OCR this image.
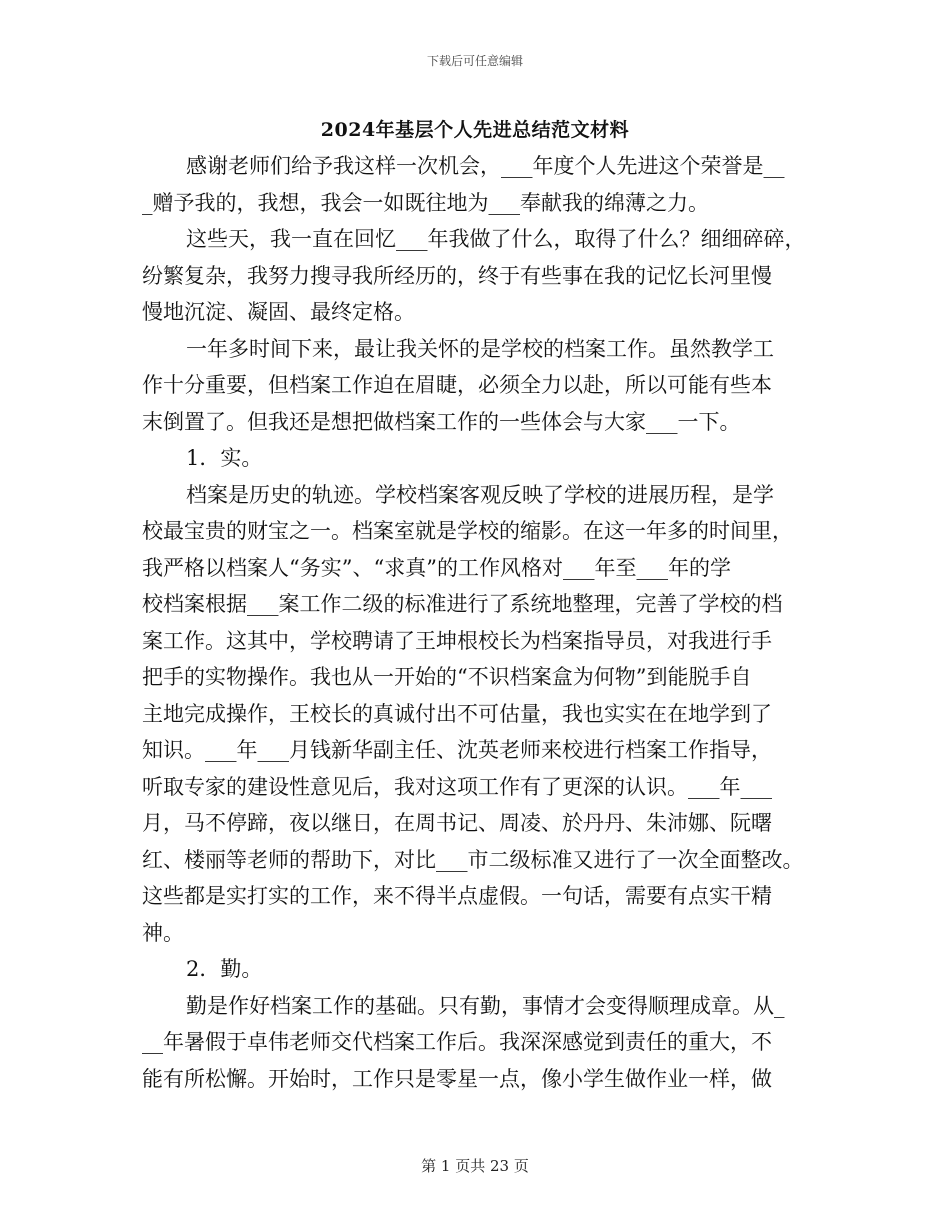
下载后可任意编辑
2024年基层个人先进总结范文材料
感谢老师们给予我这样一次机会，___年度个人先进这个荣誉是__
_赠予我的，我想，我会一如既往地为___奉献我的绵薄之力。
这些天，我一直在回忆___年我做了什么，取得了什么？细细碎碎，
纷繁复杂，我努力搜寻我所经历的，终于有些事在我的记忆长河里慢
慢地沉淀、凝固、最终定格。
一年多时间下来，最让我关怀的是学校的档案工作。虽然教学工
作十分重要，但档案工作迫在眉睫，必须全力以赴，所以可能有些本
末倒置了。但我还是想把做档案工作的一些体会与大家___一下。
1．实。
档案是历史的轨迹。学校档案客观反映了学校的进展历程，是学
校最宝贵的财宝之一。档案室就是学校的缩影。在这一年多的时间里，
我严格以档案人“务实”、“求真”的工作风格对___年至___年的学
校档案根据___案工作二级的标准进行了系统地整理，完善了学校的档
案工作。这其中，学校聘请了王坤根校长为档案指导员，对我进行手
把手的实物操作。我也从一开始的“不识档案盒为何物”到能脱手自
主地完成操作，王校长的真诚付出不可估量，我也实实在在地学到了
知识。___年___月钱新华副主任、沈英老师来校进行档案工作指导，
听取专家的建设性意见后，我对这项工作有了更深的认识。___年___
月，马不停蹄，夜以继日，在周书记、周凌、於丹丹、朱沛娜、阮曙
红、楼丽等老师的帮助下，对比___市二级标准又进行了一次全面整改。
这些都是实打实的工作，来不得半点虚假。一句话，需要有点实干精
神。
2．勤。
勤是作好档案工作的基础。只有勤，事情才会变得顺理成章。从_
__年暑假于卓伟老师交代档案工作后。我深深感觉到责任的重大，不
能有所松懈。开始时，工作只是零星一点，像小学生做作业一样，做
第 1 页共 23 页
